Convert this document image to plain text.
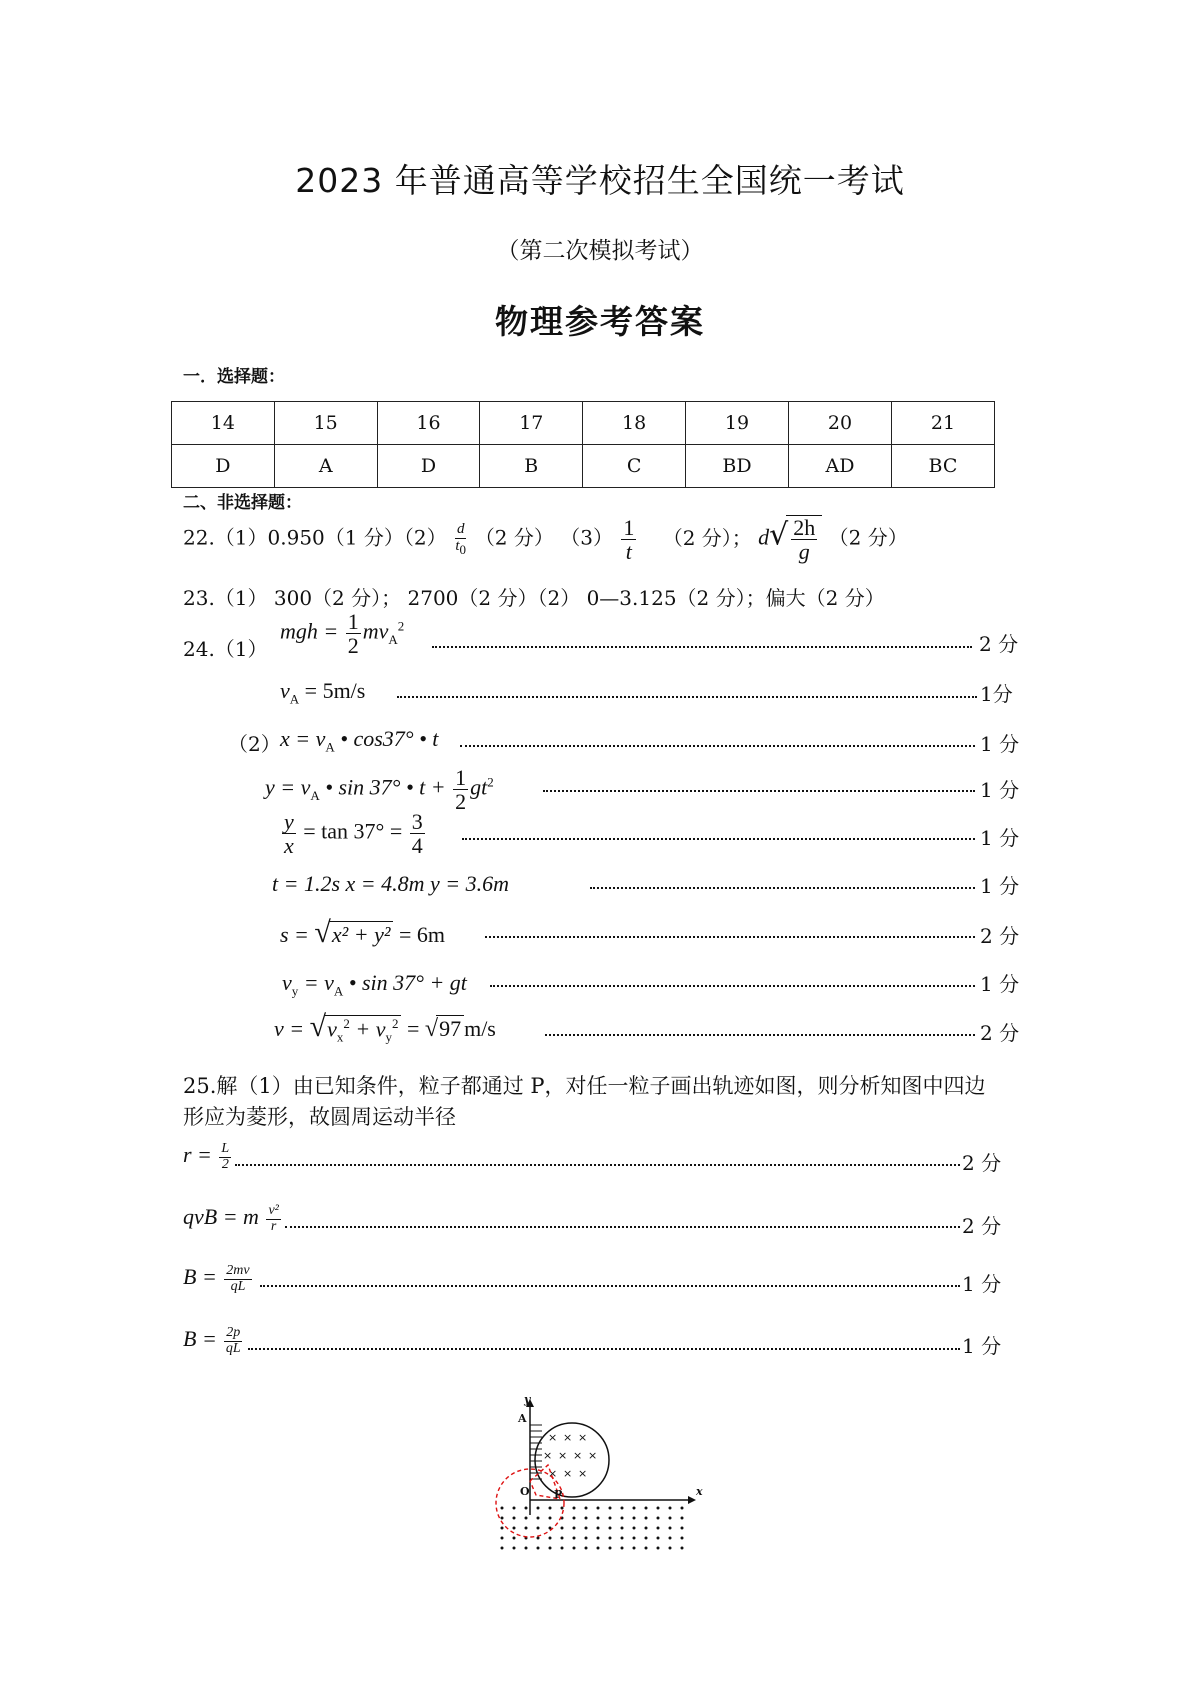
2023 年普通高等学校招生全国统一考试
（第二次模拟考试）
物理参考答案
一．选择题：
14	15	16	17	18	19	20	21
D	A	D	B	C	BD	AD	BC
二、非选择题：
22.（1）0.950（1 分）$(2) \frac{d}{t_0} (2$ 分） $(3) \frac{1}{t} (2$ 分）； $d√ \frac{2h}{g} (2$ 分）
23.（1） 300（2 分）； 2700（2 分）（2） 0—3.125（2 分）；偏大（2 分）
24.（1）
mgh = $\frac{1}{2} mv_A^2$
2 分
$v_A = 5m/s$	1分
（2） $x = v_A$ • cos37° • t	1 分
$y = v_A$ • sin 37° • $t + \frac{1}{2} gt^2$	1 分
$\frac{y}{x} = \tan 37^\circ = \frac{3}{4}$	1 分
t = 1.2s x = 4.8m y = 3.6m	1 分
s = √x² + y² = 6m	2 分
$v_y = v_A$ • sin 37° + gt	1 分
$v = √v_x^2 + v_y^2 = √97$ m/s	2 分
25.解（1）由已知条件，粒子都通过 P，对任一粒子画出轨迹如图，则分析知图中四边
形应为菱形，故圆周运动半径
$r = \frac{L}{2}$	2 分
qvB = m $\frac{\text{v²}}{r}$	2 分
$B = \frac{2mv}{qL}$	1 分
$B = \frac{2p}{qL}$	1 分
× × ×
× × × ×
× × ×
y
A
O P	x
